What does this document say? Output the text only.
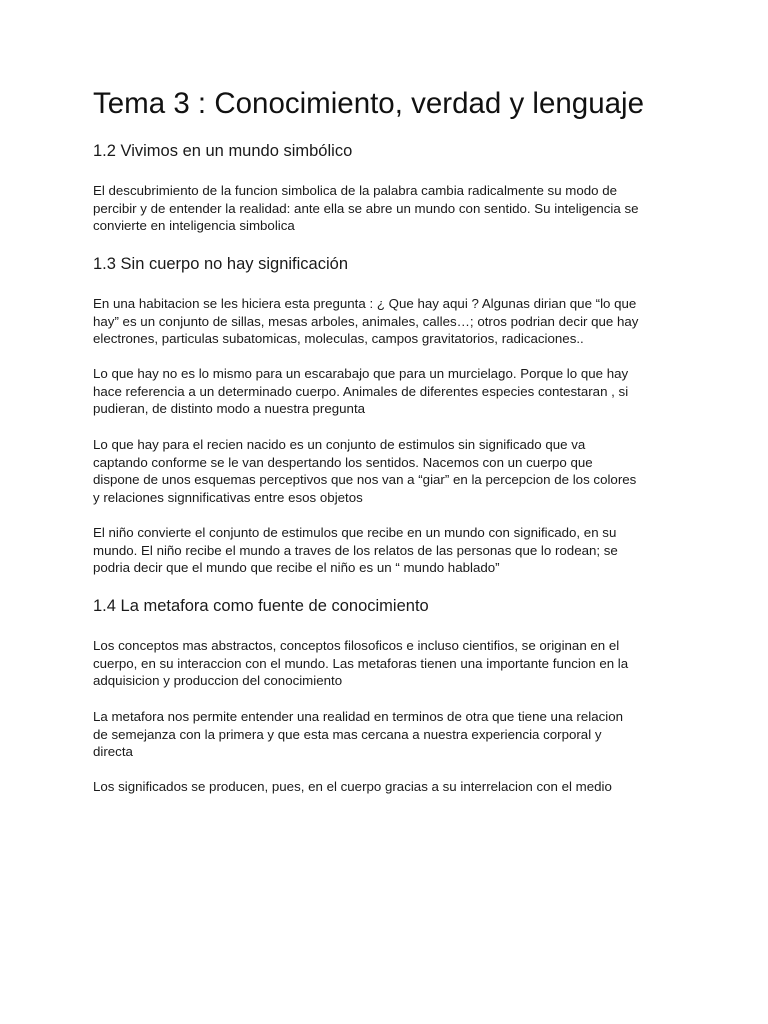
Tema 3 : Conocimiento, verdad y lenguaje
1.2 Vivimos en un mundo simbólico
El descubrimiento de la funcion simbolica de la palabra cambia radicalmente su modo de
percibir y de entender la realidad: ante ella se abre un mundo con sentido. Su inteligencia se
convierte en inteligencia simbolica
1.3 Sin cuerpo no hay significación
En una habitacion se les hiciera esta pregunta : ¿ Que hay aqui ? Algunas dirian que “lo que
hay” es un conjunto de sillas, mesas arboles, animales, calles…; otros podrian decir que hay
electrones, particulas subatomicas, moleculas, campos gravitatorios, radicaciones..
Lo que hay no es lo mismo para un escarabajo que para un murcielago. Porque lo que hay
hace referencia a un determinado cuerpo. Animales de diferentes especies contestaran , si
pudieran, de distinto modo a nuestra pregunta
Lo que hay para el recien nacido es un conjunto de estimulos sin significado que va
captando conforme se le van despertando los sentidos. Nacemos con un cuerpo que
dispone de unos esquemas perceptivos que nos van a “giar” en la percepcion de los colores
y relaciones signnificativas entre esos objetos
El niño convierte el conjunto de estimulos que recibe en un mundo con significado, en su
mundo. El niño recibe el mundo a traves de los relatos de las personas que lo rodean; se
podria decir que el mundo que recibe el niño es un “ mundo hablado”
1.4 La metafora como fuente de conocimiento
Los conceptos mas abstractos, conceptos filosoficos e incluso cientifios, se originan en el
cuerpo, en su interaccion con el mundo. Las metaforas tienen una importante funcion en la
adquisicion y produccion del conocimiento
La metafora nos permite entender una realidad en terminos de otra que tiene una relacion
de semejanza con la primera y que esta mas cercana a nuestra experiencia corporal y
directa
Los significados se producen, pues, en el cuerpo gracias a su interrelacion con el medio
